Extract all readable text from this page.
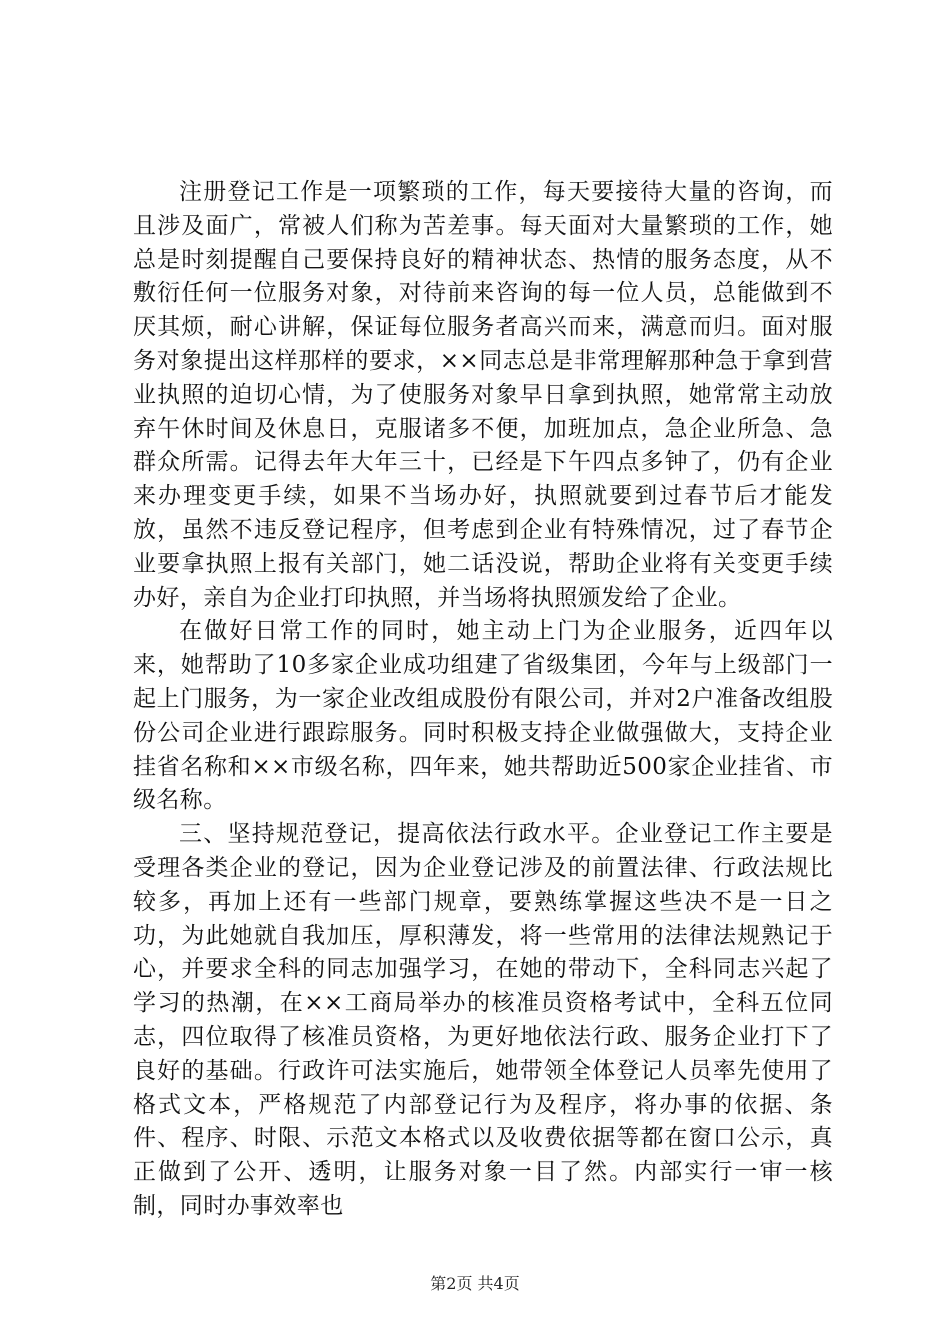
注册登记工作是一项繁琐的工作，每天要接待大量的咨询，而且涉及面广，常被人们称为苦差事。每天面对大量繁琐的工作，她总是时刻提醒自己要保持良好的精神状态、热情的服务态度，从不敷衍任何一位服务对象，对待前来咨询的每一位人员，总能做到不厌其烦，耐心讲解，保证每位服务者高兴而来，满意而归。面对服务对象提出这样那样的要求，××同志总是非常理解那种急于拿到营业执照的迫切心情，为了使服务对象早日拿到执照，她常常主动放弃午休时间及休息日，克服诸多不便，加班加点，急企业所急、急群众所需。记得去年大年三十，已经是下午四点多钟了，仍有企业来办理变更手续，如果不当场办好，执照就要到过春节后才能发放，虽然不违反登记程序，但考虑到企业有特殊情况，过了春节企业要拿执照上报有关部门，她二话没说，帮助企业将有关变更手续办好，亲自为企业打印执照，并当场将执照颁发给了企业。

在做好日常工作的同时，她主动上门为企业服务，近四年以来，她帮助了10多家企业成功组建了省级集团，今年与上级部门一起上门服务，为一家企业改组成股份有限公司，并对2户准备改组股份公司企业进行跟踪服务。同时积极支持企业做强做大，支持企业挂省名称和××市级名称，四年来，她共帮助近500家企业挂省、市级名称。

三、坚持规范登记，提高依法行政水平。企业登记工作主要是受理各类企业的登记，因为企业登记涉及的前置法律、行政法规比较多，再加上还有一些部门规章，要熟练掌握这些决不是一日之功，为此她就自我加压，厚积薄发，将一些常用的法律法规熟记于心，并要求全科的同志加强学习，在她的带动下，全科同志兴起了学习的热潮，在××工商局举办的核准员资格考试中，全科五位同志，四位取得了核准员资格，为更好地依法行政、服务企业打下了良好的基础。行政许可法实施后，她带领全体登记人员率先使用了格式文本，严格规范了内部登记行为及程序，将办事的依据、条件、程序、时限、示范文本格式以及收费依据等都在窗口公示，真正做到了公开、透明，让服务对象一目了然。内部实行一审一核制，同时办事效率也

第2页 共4页
